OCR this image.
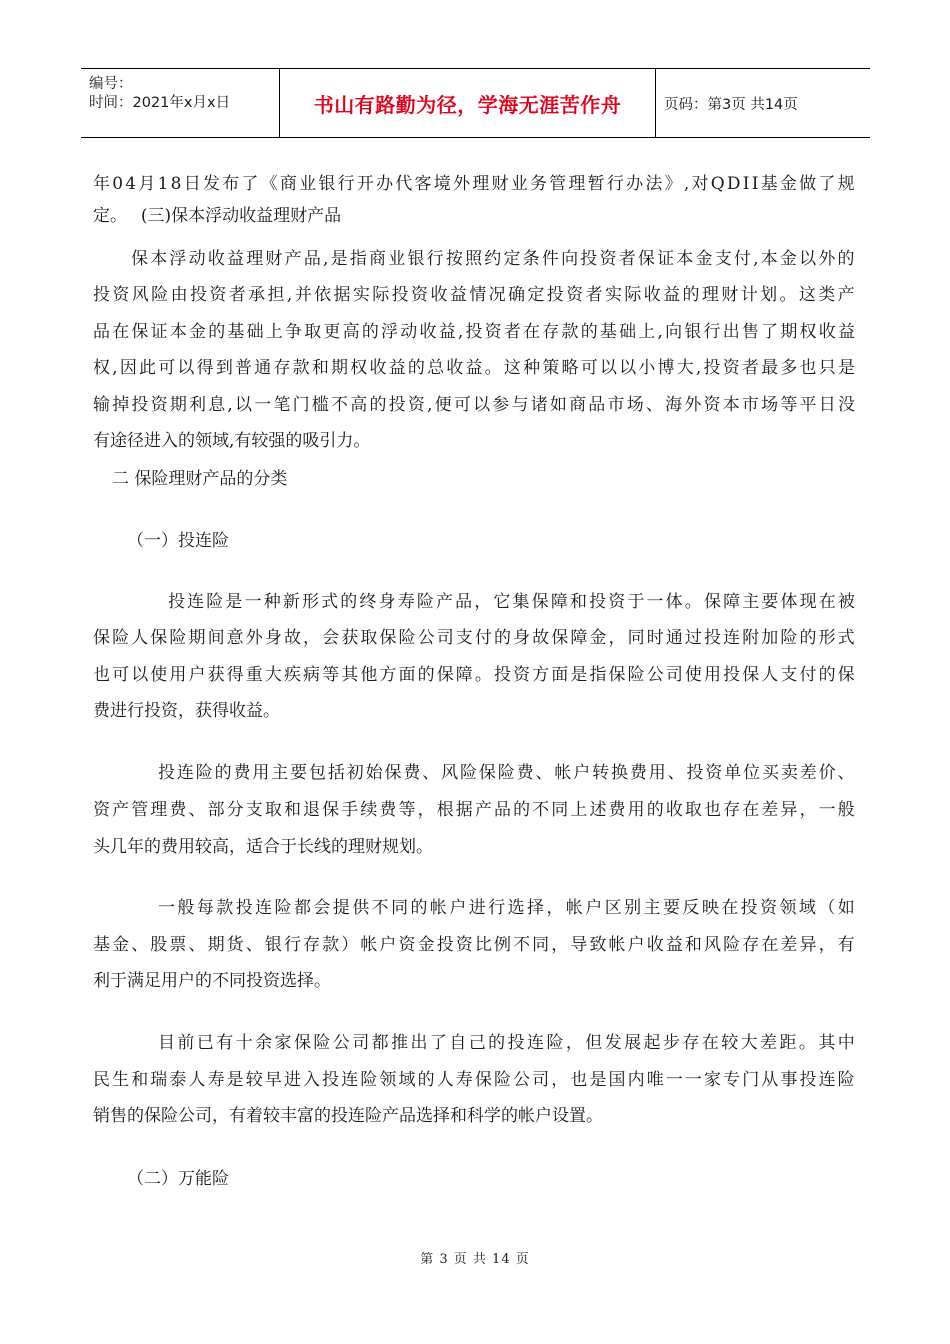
编号：
时间：2021年x月x日	书山有路勤为径，学海无涯苦作舟	页码：第3页 共14页
年 0 4 月 1 8 日 发 布 了 《 商 业 银 行 开 办 代 客 境 外 理 财 业 务 管 理 暂 行 办 法 》 , 对 Q D I I 基 金 做 了 规
定。　 (三)保本浮动收益理财产品
保 本 浮 动 收 益 理 财 产 品 , 是 指 商 业 银 行 按 照 约 定 条 件 向 投 资 者 保 证 本 金 支 付 , 本 金 以 外 的
投 资 风 险 由 投 资 者 承 担 , 并 依 据 实 际 投 资 收 益 情 况 确 定 投 资 者 实 际 收 益 的 理 财 计 划 。 这 类 产
品 在 保 证 本 金 的 基 础 上 争 取 更 高 的 浮 动 收 益 , 投 资 者 在 存 款 的 基 础 上 , 向 银 行 出 售 了 期 权 收 益
权 , 因 此 可 以 得 到 普 通 存 款 和 期 权 收 益 的 总 收 益 。 这 种 策 略 可 以 以 小 博 大 , 投 资 者 最 多 也 只 是
输 掉 投 资 期 利 息 , 以 一 笔 门 槛 不 高 的 投 资 , 便 可 以 参 与 诸 如 商 品 市 场 、 海 外 资 本 市 场 等 平 日 没
有途径进入的领域,有较强的吸引力。
二 保险理财产品的分类
（一）投连险
投 连 险 是 一 种 新 形 式 的 终 身 寿 险 产 品 ， 它 集 保 障 和 投 资 于 一 体 。 保 障 主 要 体 现 在 被
保 险 人 保 险 期 间 意 外 身 故 ， 会 获 取 保 险 公 司 支 付 的 身 故 保 障 金 ， 同 时 通 过 投 连 附 加 险 的 形 式
也 可 以 使 用 户 获 得 重 大 疾 病 等 其 他 方 面 的 保 障 。 投 资 方 面 是 指 保 险 公 司 使 用 投 保 人 支 付 的 保
费进行投资，获得收益。
投 连 险 的 费 用 主 要 包 括 初 始 保 费 、 风 险 保 险 费 、 帐 户 转 换 费 用 、 投 资 单 位 买 卖 差 价 、
资 产 管 理 费 、 部 分 支 取 和 退 保 手 续 费 等 ， 根 据 产 品 的 不 同 上 述 费 用 的 收 取 也 存 在 差 异 ， 一 般
头几年的费用较高，适合于长线的理财规划。
一 般 每 款 投 连 险 都 会 提 供 不 同 的 帐 户 进 行 选 择 ， 帐 户 区 别 主 要 反 映 在 投 资 领 域 （ 如
基 金 、 股 票 、 期 货 、 银 行 存 款 ） 帐 户 资 金 投 资 比 例 不 同 ， 导 致 帐 户 收 益 和 风 险 存 在 差 异 ， 有
利于满足用户的不同投资选择。
目 前 已 有 十 余 家 保 险 公 司 都 推 出 了 自 己 的 投 连 险 ， 但 发 展 起 步 存 在 较 大 差 距 。 其 中
民 生 和 瑞 泰 人 寿 是 较 早 进 入 投 连 险 领 域 的 人 寿 保 险 公 司 ， 也 是 国 内 唯 一 一 家 专 门 从 事 投 连 险
销售的保险公司，有着较丰富的投连险产品选择和科学的帐户设置。
（二）万能险
第 3 页 共 14 页
